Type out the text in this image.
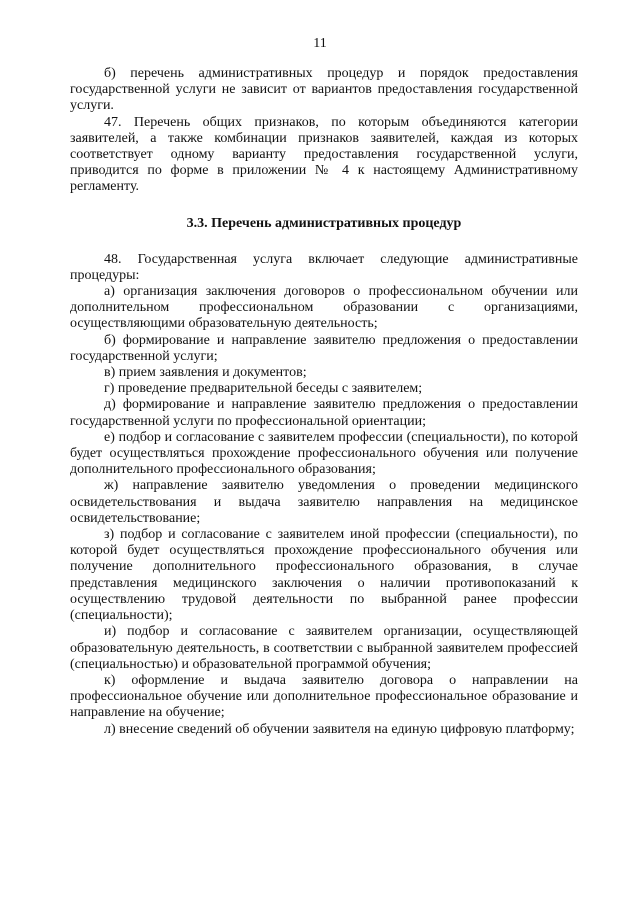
11

б) перечень административных процедур и порядок предоставления государственной услуги не зависит от вариантов предоставления государственной услуги.

47. Перечень общих признаков, по которым объединяются категории заявителей, а также комбинации признаков заявителей, каждая из которых соответствует одному варианту предоставления государственной услуги, приводится по форме в приложении № 4 к настоящему Административному регламенту.

3.3. Перечень административных процедур

48. Государственная услуга включает следующие административные процедуры:

а) организация заключения договоров о профессиональном обучении или дополнительном профессиональном образовании с организациями, осуществляющими образовательную деятельность;

б) формирование и направление заявителю предложения о предоставлении государственной услуги;

в) прием заявления и документов;

г) проведение предварительной беседы с заявителем;

д) формирование и направление заявителю предложения о предоставлении государственной услуги по профессиональной ориентации;

е) подбор и согласование с заявителем профессии (специальности), по которой будет осуществляться прохождение профессионального обучения или получение дополнительного профессионального образования;

ж) направление заявителю уведомления о проведении медицинского освидетельствования и выдача заявителю направления на медицинское освидетельствование;

з) подбор и согласование с заявителем иной профессии (специальности), по которой будет осуществляться прохождение профессионального обучения или получение дополнительного профессионального образования, в случае представления медицинского заключения о наличии противопоказаний к осуществлению трудовой деятельности по выбранной ранее профессии (специальности);

и) подбор и согласование с заявителем организации, осуществляющей образовательную деятельность, в соответствии с выбранной заявителем профессией (специальностью) и образовательной программой обучения;

к) оформление и выдача заявителю договора о направлении на профессиональное обучение или дополнительное профессиональное образование и направление на обучение;

л) внесение сведений об обучении заявителя на единую цифровую платформу;
